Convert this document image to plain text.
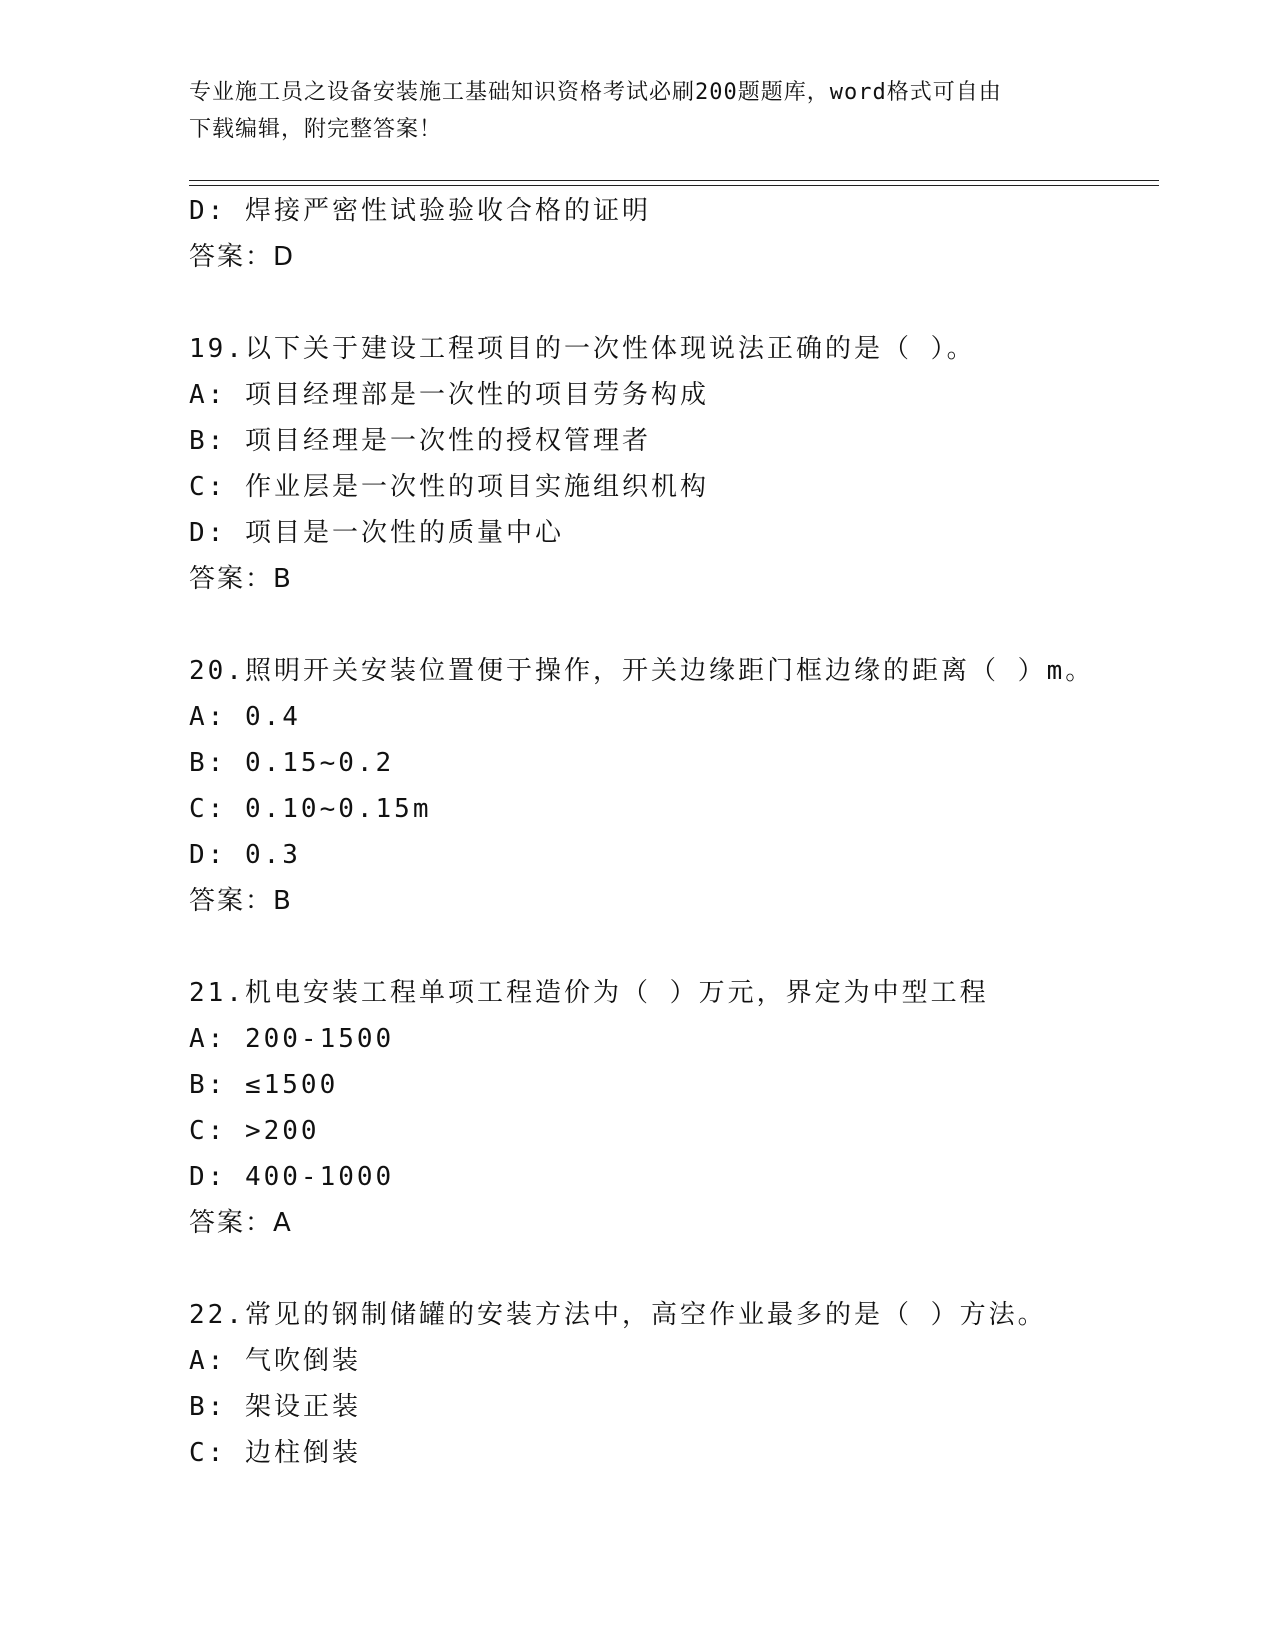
专业施工员之设备安装施工基础知识资格考试必刷200题题库，word格式可自由
下载编辑，附完整答案！
D: 焊接严密性试验验收合格的证明
答案：D
19.以下关于建设工程项目的一次性体现说法正确的是（ ）。
A: 项目经理部是一次性的项目劳务构成
B: 项目经理是一次性的授权管理者
C: 作业层是一次性的项目实施组织机构
D: 项目是一次性的质量中心
答案：B
20.照明开关安装位置便于操作，开关边缘距门框边缘的距离（ ）m。
A: 0.4
B: 0.15~0.2
C: 0.10~0.15m
D: 0.3
答案：B
21.机电安装工程单项工程造价为（ ）万元，界定为中型工程
A: 200-1500
B: ≤1500
C: >200
D: 400-1000
答案：A
22.常见的钢制储罐的安装方法中，高空作业最多的是（ ）方法。
A: 气吹倒装
B: 架设正装
C: 边柱倒装
